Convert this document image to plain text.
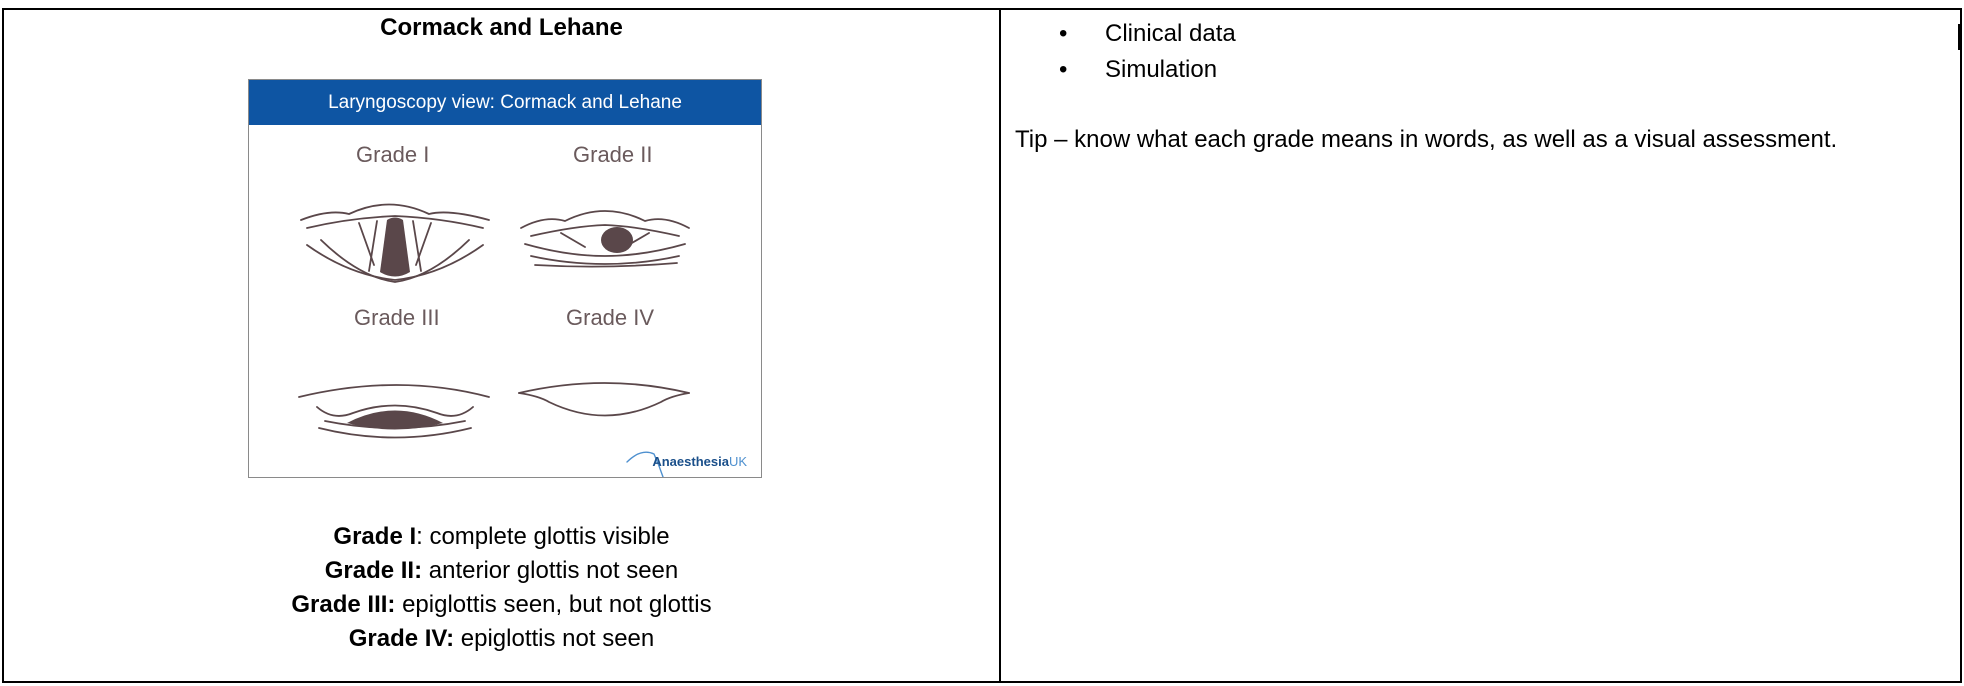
Cormack and Lehane
Laryngoscopy view: Cormack and Lehane
Grade I	Grade II
Grade III	Grade IV
AnaesthesiaUK
Grade I: complete glottis visible
Grade II: anterior glottis not seen
Grade III: epiglottis seen, but not glottis
Grade IV: epiglottis not seen
• Clinical data
• Simulation
Tip – know what each grade means in words, as well as a visual assessment.
